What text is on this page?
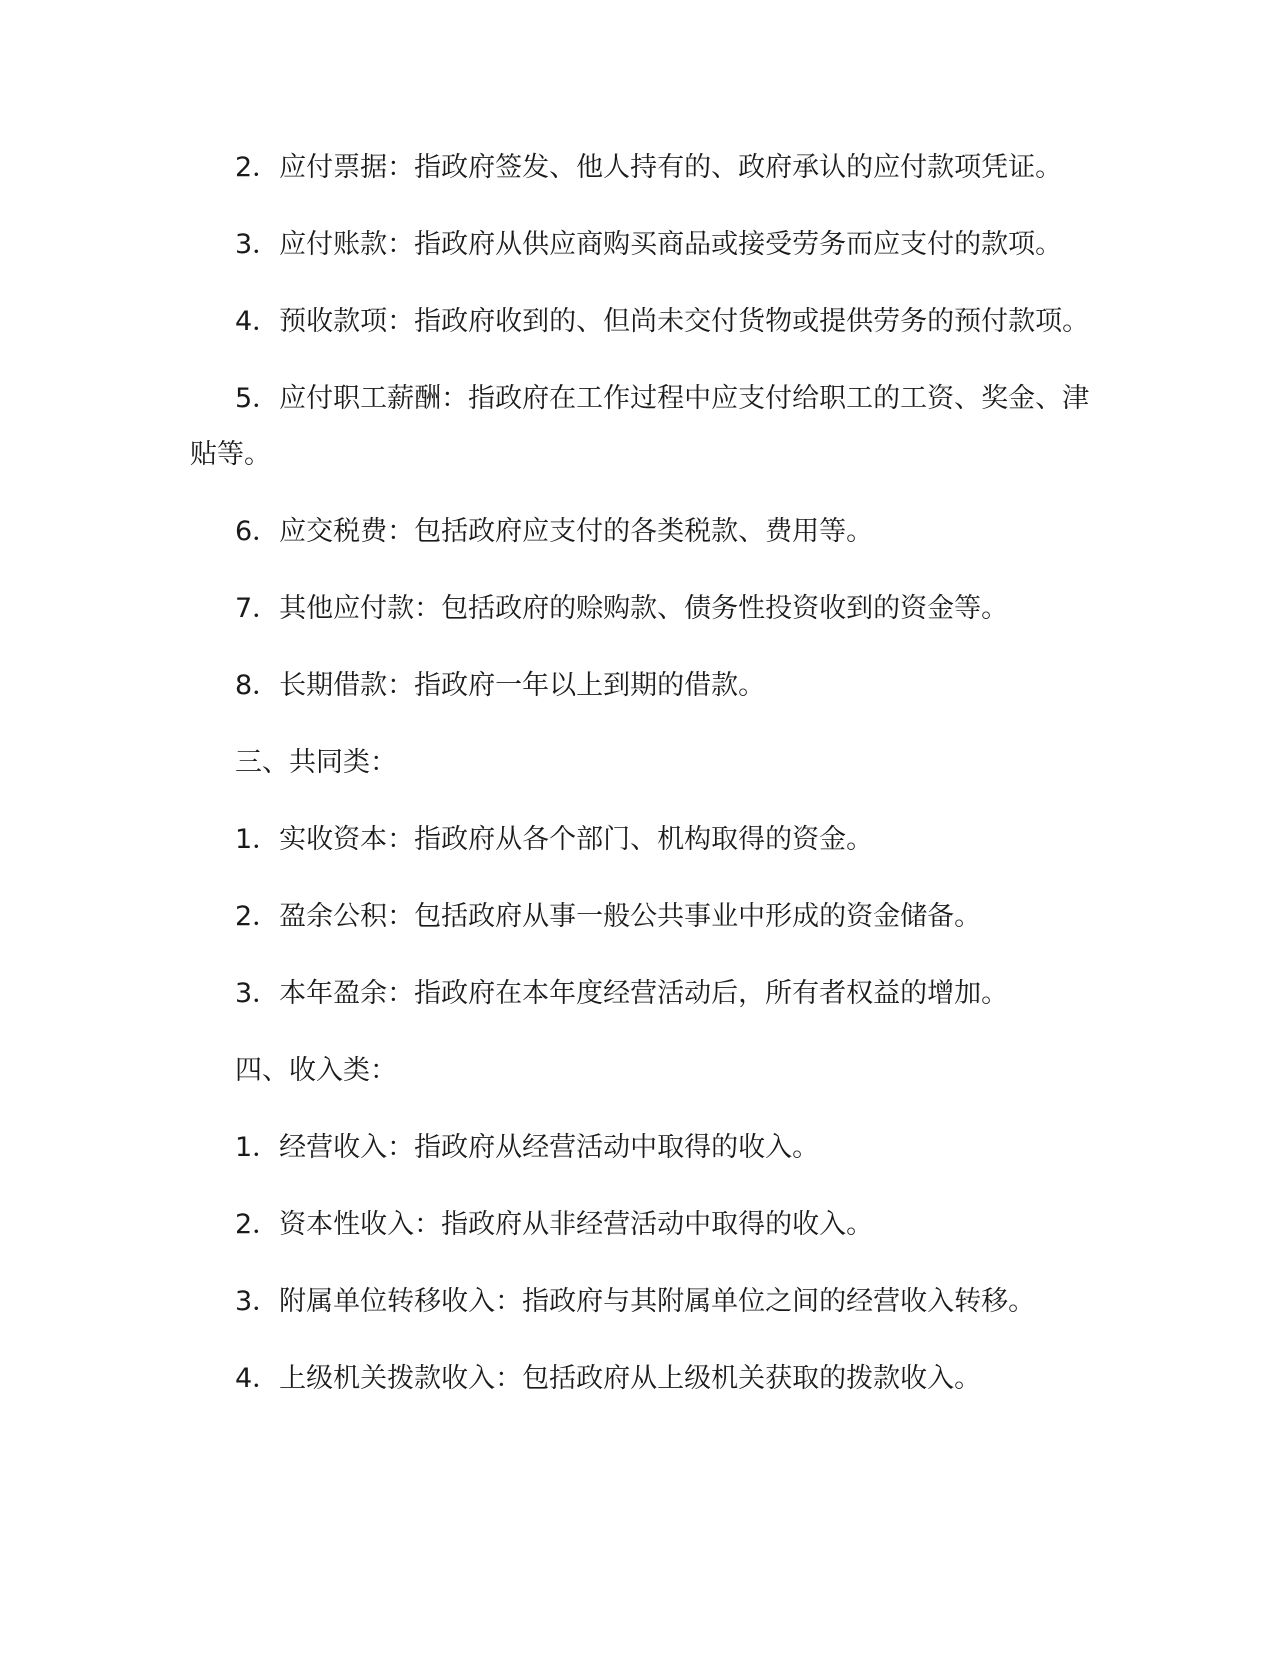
2．应付票据：指政府签发、他人持有的、政府承认的应付款项凭证。

3．应付账款：指政府从供应商购买商品或接受劳务而应支付的款项。

4．预收款项：指政府收到的、但尚未交付货物或提供劳务的预付款项。

5．应付职工薪酬：指政府在工作过程中应支付给职工的工资、奖金、津贴等。

6．应交税费：包括政府应支付的各类税款、费用等。

7．其他应付款：包括政府的赊购款、债务性投资收到的资金等。

8．长期借款：指政府一年以上到期的借款。

三、共同类：

1．实收资本：指政府从各个部门、机构取得的资金。

2．盈余公积：包括政府从事一般公共事业中形成的资金储备。

3．本年盈余：指政府在本年度经营活动后，所有者权益的增加。

四、收入类：

1．经营收入：指政府从经营活动中取得的收入。

2．资本性收入：指政府从非经营活动中取得的收入。

3．附属单位转移收入：指政府与其附属单位之间的经营收入转移。

4．上级机关拨款收入：包括政府从上级机关获取的拨款收入。
